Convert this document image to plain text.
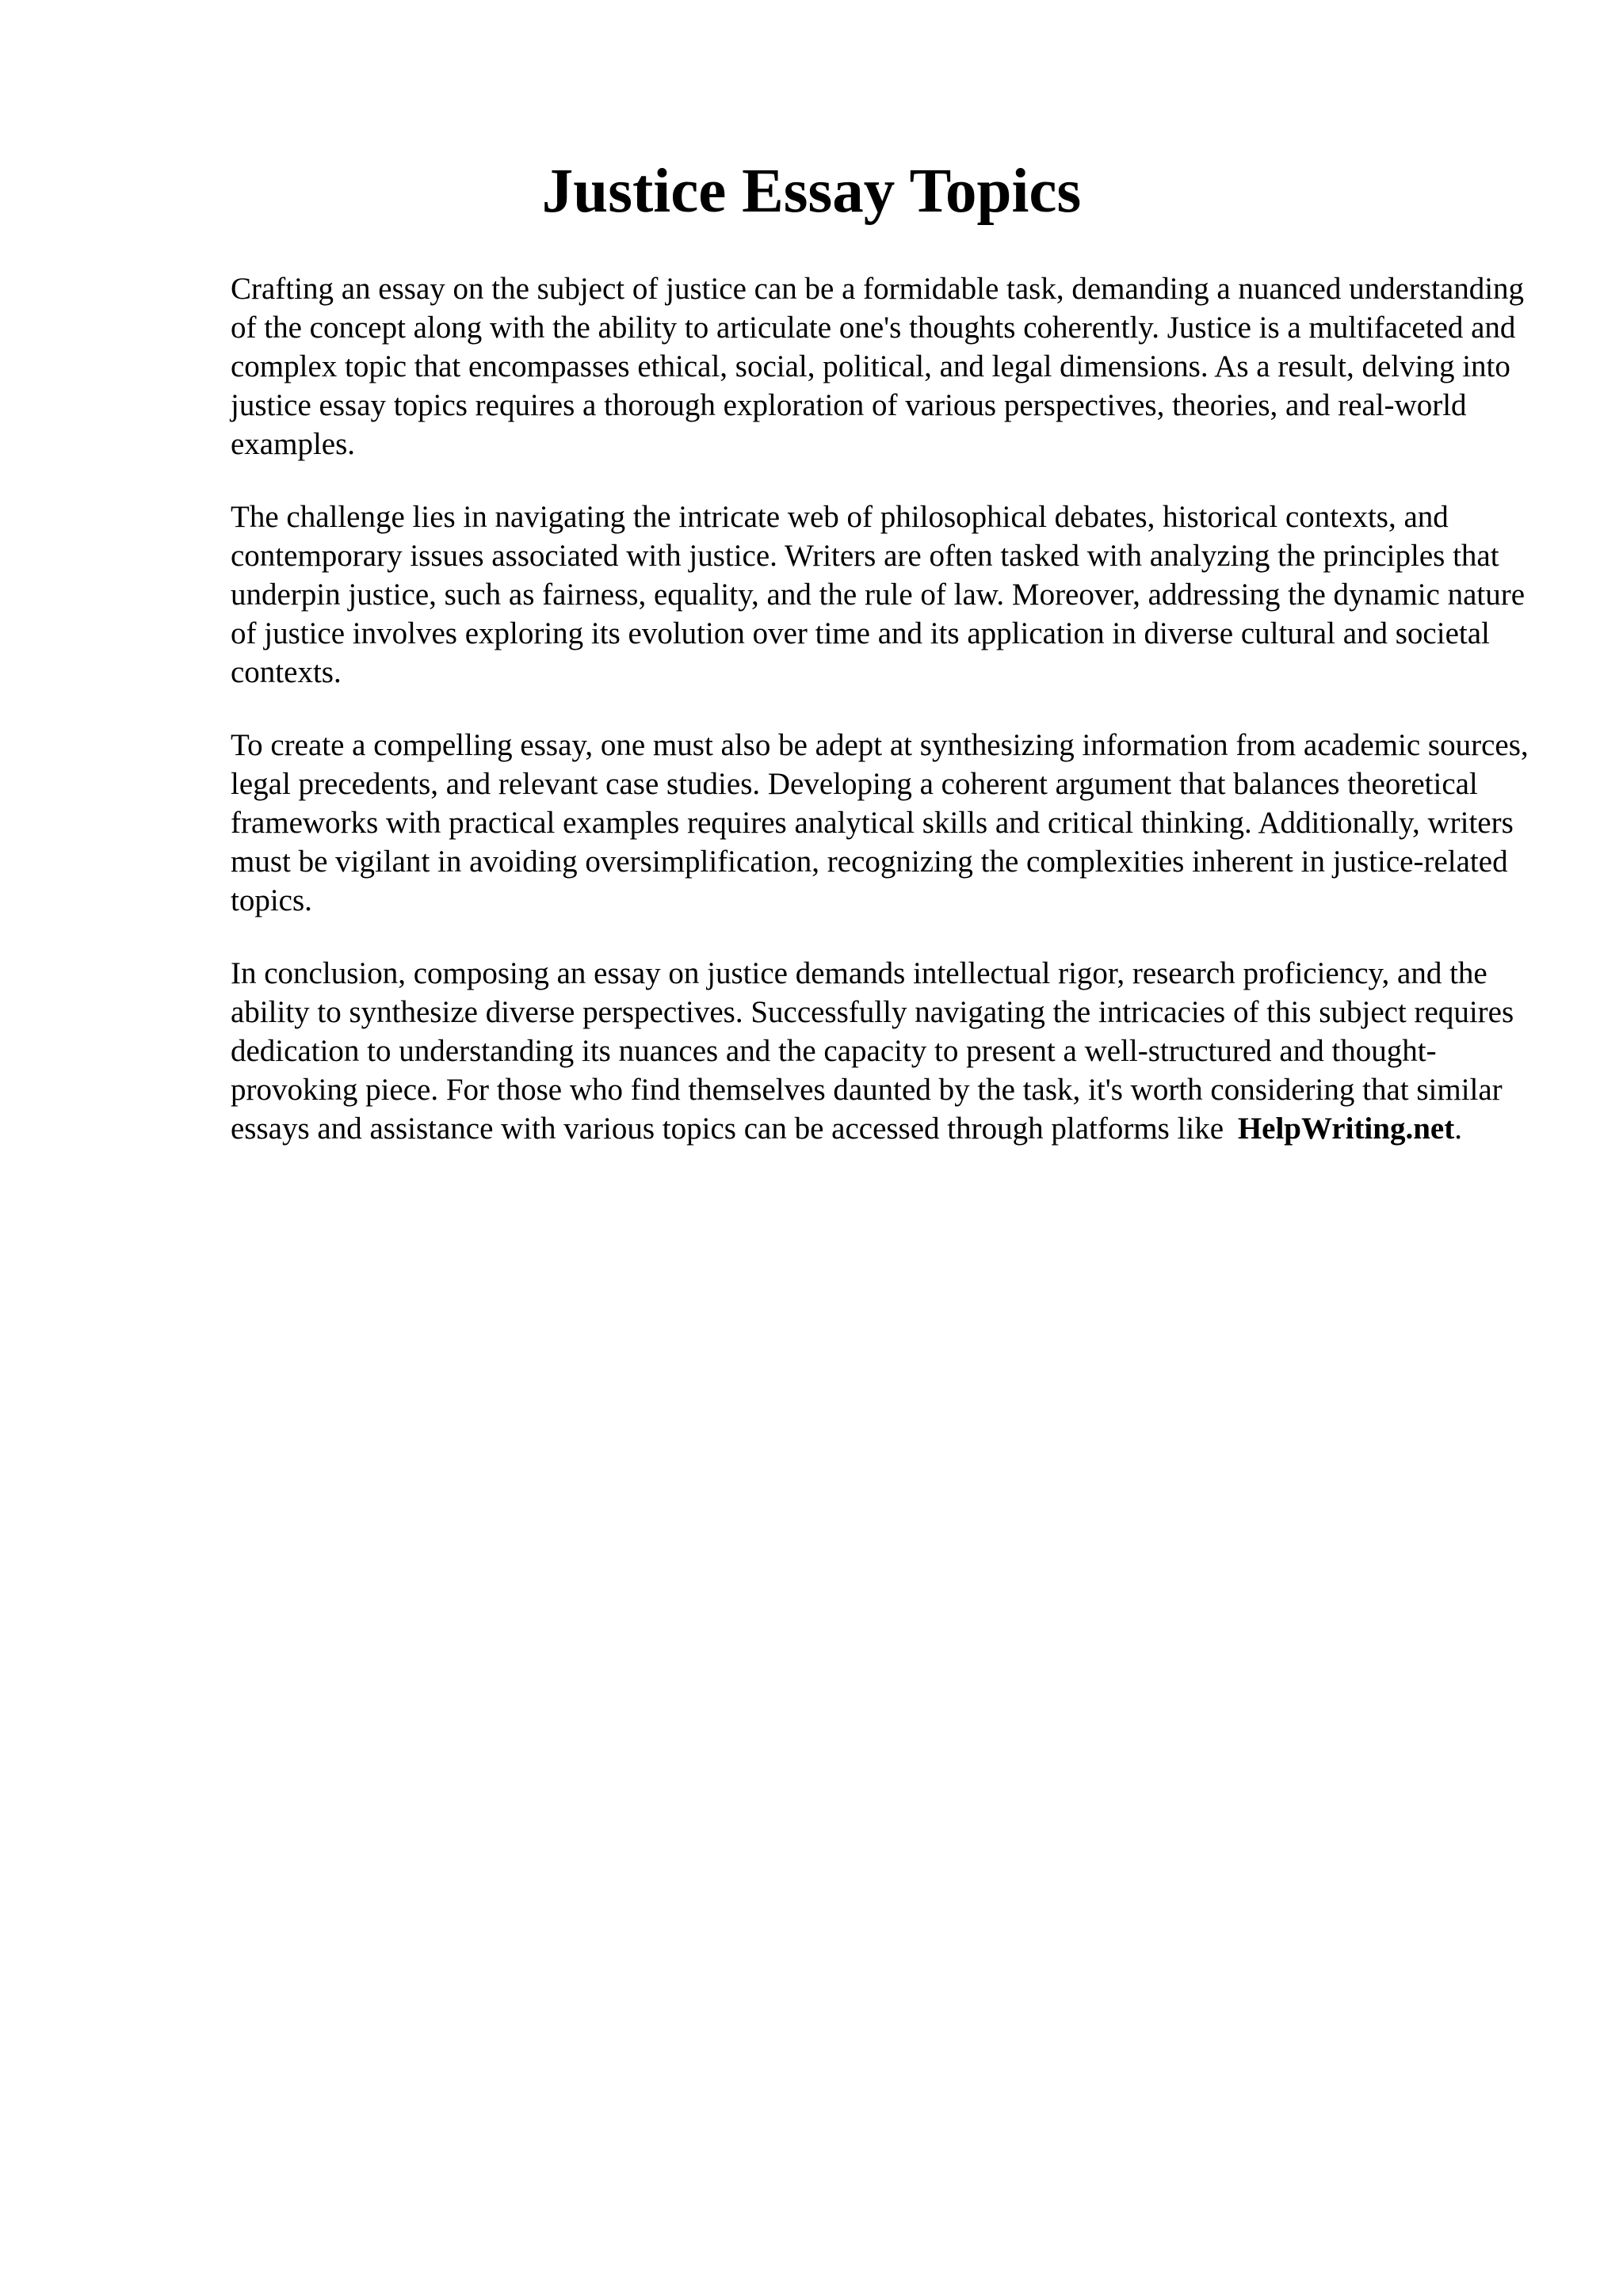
Justice Essay Topics

Crafting an essay on the subject of justice can be a formidable task, demanding a nuanced understanding of the concept along with the ability to articulate one's thoughts coherently. Justice is a multifaceted and complex topic that encompasses ethical, social, political, and legal dimensions. As a result, delving into justice essay topics requires a thorough exploration of various perspectives, theories, and real-world examples.

The challenge lies in navigating the intricate web of philosophical debates, historical contexts, and contemporary issues associated with justice. Writers are often tasked with analyzing the principles that underpin justice, such as fairness, equality, and the rule of law. Moreover, addressing the dynamic nature of justice involves exploring its evolution over time and its application in diverse cultural and societal contexts.

To create a compelling essay, one must also be adept at synthesizing information from academic sources, legal precedents, and relevant case studies. Developing a coherent argument that balances theoretical frameworks with practical examples requires analytical skills and critical thinking. Additionally, writers must be vigilant in avoiding oversimplification, recognizing the complexities inherent in justice-related topics.

In conclusion, composing an essay on justice demands intellectual rigor, research proficiency, and the ability to synthesize diverse perspectives. Successfully navigating the intricacies of this subject requires dedication to understanding its nuances and the capacity to present a well-structured and thought-provoking piece. For those who find themselves daunted by the task, it's worth considering that similar essays and assistance with various topics can be accessed through platforms like HelpWriting.net.
